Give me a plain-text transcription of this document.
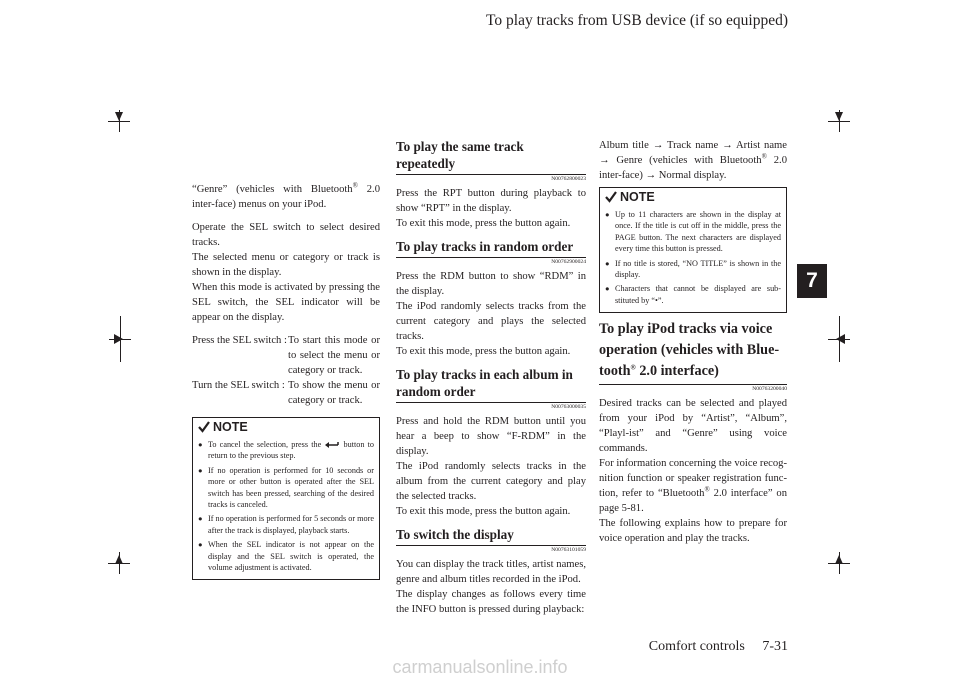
To play tracks from USB device (if so equipped)
7
Comfort controls 7-31

“Genre” (vehicles with Bluetooth® 2.0 inter-face) menus on your iPod.

Operate the SEL switch to select desired tracks.

The selected menu or category or track is shown in the display.

When this mode is activated by pressing the SEL switch, the SEL indicator will be appear on the display.

Press the SEL switch : To start this mode or to select the menu or category or track.
Turn the SEL switch : To show the menu or category or track.
NOTE
● To cancel the selection, press the  button to return to the previous step.
● If no operation is performed for 10 seconds or more or other button is operated after the SEL switch has been pressed, searching of the desired tracks is canceled.
● If no operation is performed for 5 seconds or more after the track is displayed, playback starts.
● When the SEL indicator is not appear on the display and the SEL switch is operated, the volume adjustment is activated.
To play the same track repeatedly
N00762800023

Press the RPT button during playback to show “RPT” in the display.

To exit this mode, press the button again.

To play tracks in random order
N00762900024

Press the RDM button to show “RDM” in the display.

The iPod randomly selects tracks from the current category and plays the selected tracks.

To exit this mode, press the button again.

To play tracks in each album in random order
N00763000035

Press and hold the RDM button until you hear a beep to show “F-RDM” in the display.

The iPod randomly selects tracks in the album from the current category and play the selected tracks.

To exit this mode, press the button again.

To switch the display
N00763101059

You can display the track titles, artist names, genre and album titles recorded in the iPod.

The display changes as follows every time the INFO button is pressed during playback:

Album title → Track name → Artist name → Genre (vehicles with Bluetooth® 2.0 inter-face) → Normal display.

NOTE
● Up to 11 characters are shown in the display at once. If the title is cut off in the middle, press the PAGE button. The next characters are displayed every time this button is pressed.
● If no title is stored, “NO TITLE” is shown in the display.
● Characters that cannot be displayed are sub-stituted by “•”.
To play iPod tracks via voice operation (vehicles with Blue-tooth® 2.0 interface)
N00763200040

Desired tracks can be selected and played from your iPod by “Artist”, “Album”, “Playl-ist” and “Genre” using voice commands.

For information concerning the voice recog-nition function or speaker registration func-tion, refer to “Bluetooth® 2.0 interface” on page 5-81.

The following explains how to prepare for voice operation and play the tracks.

carmanualsonline.info
